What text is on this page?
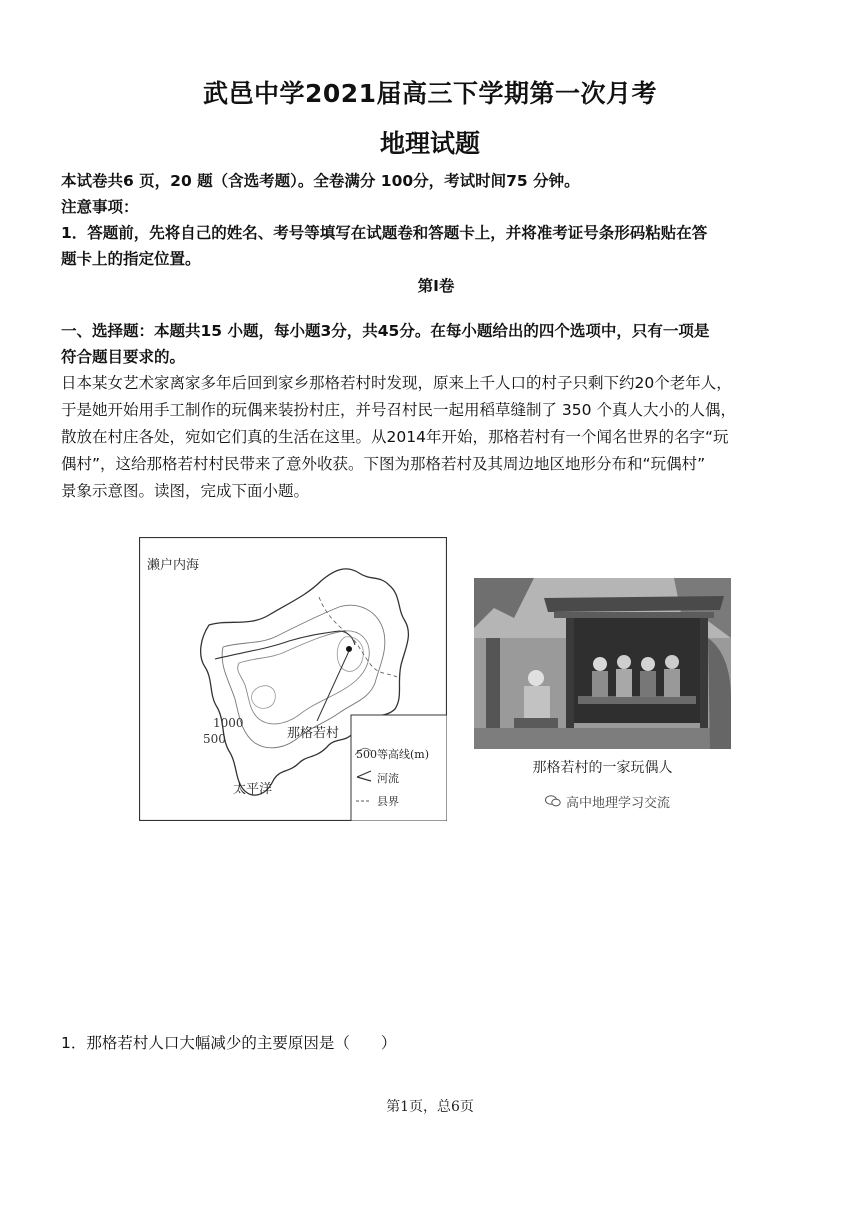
武邑中学2021届高三下学期第一次月考
地理试题
本试卷共6 页，20 题（含选考题）。全卷满分 100分，考试时间75 分钟。
注意事项：
1．答题前，先将自己的姓名、考号等填写在试题卷和答题卡上，并将准考证号条形码粘贴在答
题卡上的指定位置。
第Ⅰ卷
一、选择题：本题共15 小题，每小题3分，共45分。在每小题给出的四个选项中，只有一项是
符合题目要求的。
日本某女艺术家离家多年后回到家乡那格若村时发现，原来上千人口的村子只剩下约20个老年人，
于是她开始用手工制作的玩偶来装扮村庄，并号召村民一起用稻草缝制了 350 个真人大小的人偶，
散放在村庄各处，宛如它们真的生活在这里。从2014年开始，那格若村有一个闻名世界的名字“玩
偶村”，这给那格若村村民带来了意外收获。下图为那格若村及其周边地区地形分布和“玩偶村”
景象示意图。读图，完成下面小题。
濑户内海
太平洋
那格若村
1000
500
500等高线(m)
河流
县界
那格若村的一家玩偶人
高中地理学习交流
1．那格若村人口大幅减少的主要原因是（　　）
第1页，总6页
